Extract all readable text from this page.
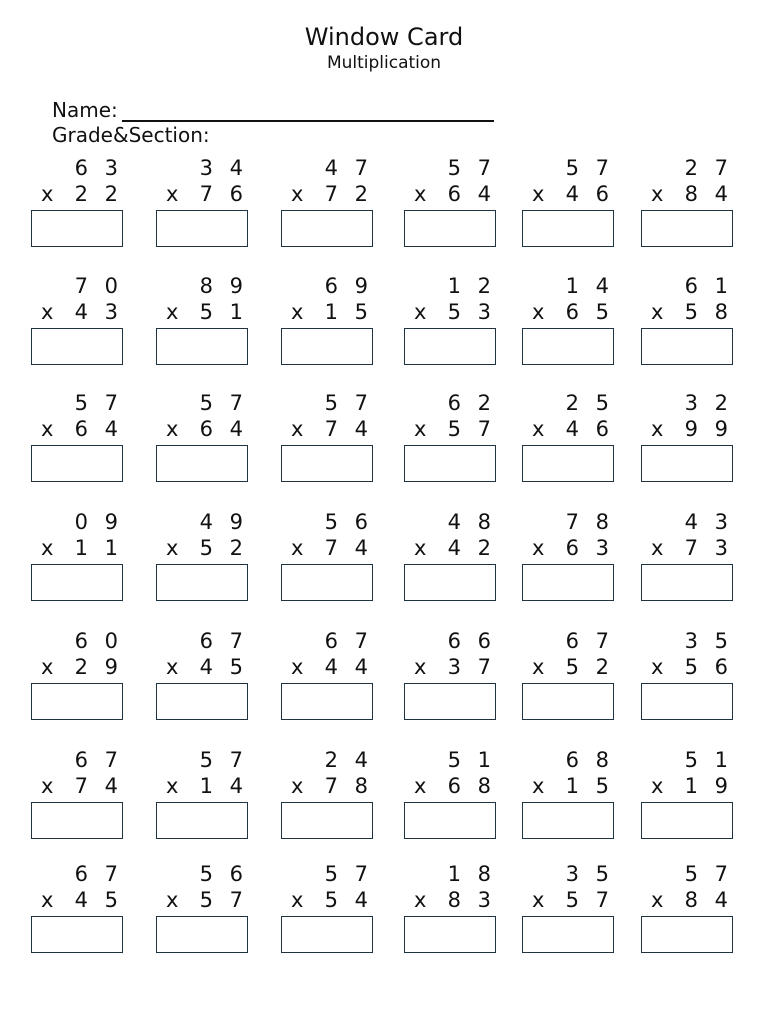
Window Card
Multiplication
Name:
Grade&Section:
6 3
x 2 2
3 4
x 7 6
4 7
x 7 2
5 7
x 6 4
5 7
x 4 6
2 7
x 8 4
7 0
x 4 3
8 9
x 5 1
6 9
x 1 5
1 2
x 5 3
1 4
x 6 5
6 1
x 5 8
5 7
x 6 4
5 7
x 6 4
5 7
x 7 4
6 2
x 5 7
2 5
x 4 6
3 2
x 9 9
0 9
x 1 1
4 9
x 5 2
5 6
x 7 4
4 8
x 4 2
7 8
x 6 3
4 3
x 7 3
6 0
x 2 9
6 7
x 4 5
6 7
x 4 4
6 6
x 3 7
6 7
x 5 2
3 5
x 5 6
6 7
x 7 4
5 7
x 1 4
2 4
x 7 8
5 1
x 6 8
6 8
x 1 5
5 1
x 1 9
6 7
x 4 5
5 6
x 5 7
5 7
x 5 4
1 8
x 8 3
3 5
x 5 7
5 7
x 8 4
